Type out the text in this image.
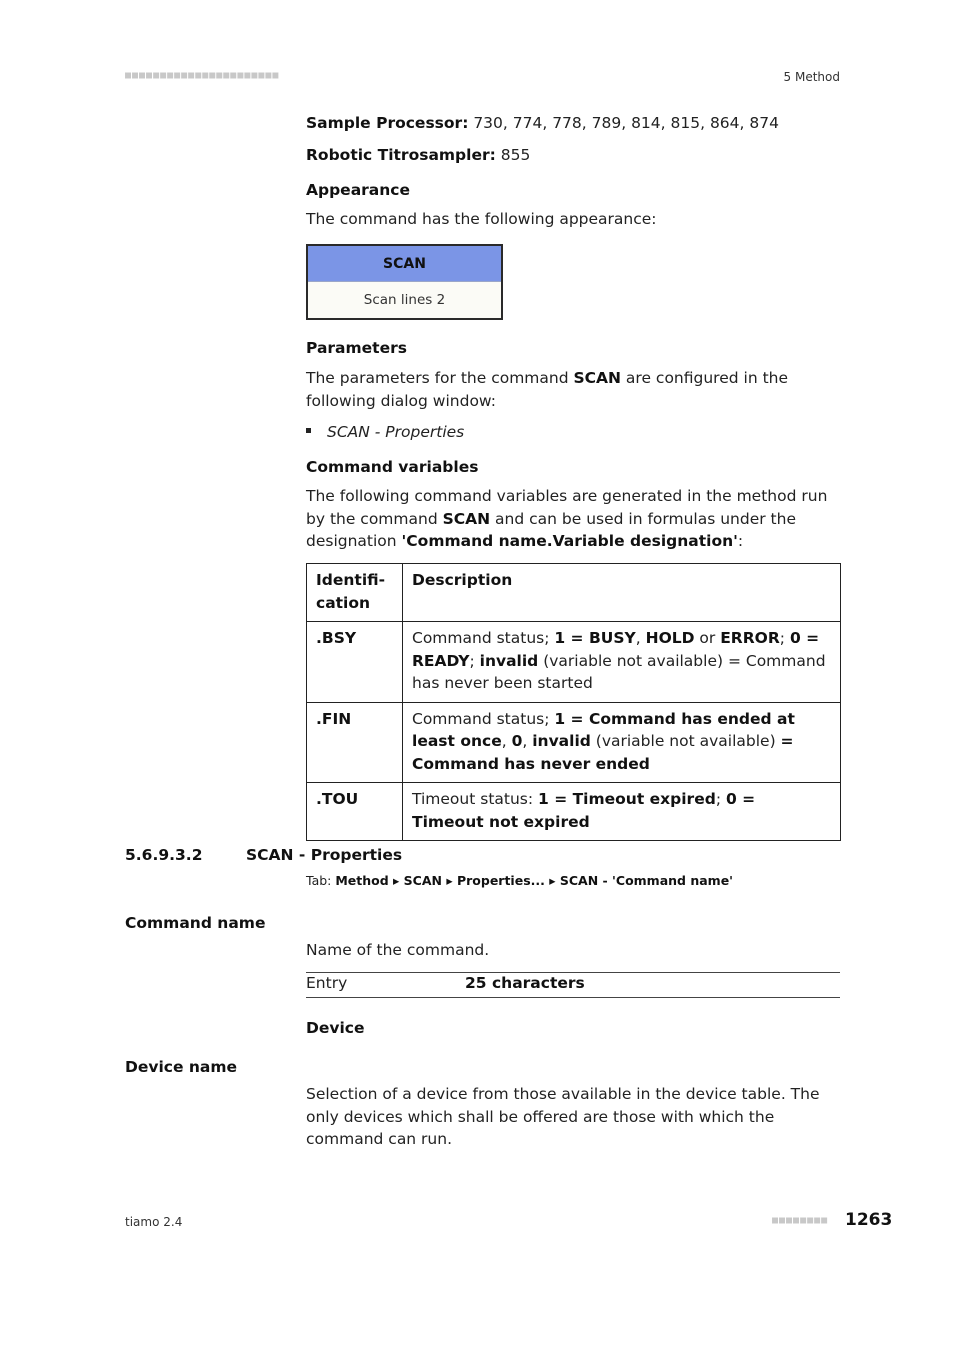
■■■■■■■■■■■■■■■■■■■■■■	5 Method
Sample Processor: 730, 774, 778, 789, 814, 815, 864, 874
Robotic Titrosampler: 855
Appearance
The command has the following appearance:
SCAN
Scan lines 2
Parameters
The parameters for the command SCAN are configured in the following dialog window:
SCAN - Properties
Command variables
The following command variables are generated in the method run by the command SCAN and can be used in formulas under the designation 'Command name.Variable designation':
Identifi-
cation	Description
.BSY	Command status; 1 = BUSY, HOLD or ERROR; 0 = READY; invalid (variable not available) = Command has never been started
.FIN	Command status; 1 = Command has ended at least once, 0, invalid (variable not available) = Command has never ended
.TOU	Timeout status: 1 = Timeout expired; 0 = Timeout not expired
5.6.9.3.2	SCAN - Properties
Tab: Method ▸ SCAN ▸ Properties... ▸ SCAN - 'Command name'
Command name
Name of the command.
Entry	25 characters
Device
Device name
Selection of a device from those available in the device table. The only devices which shall be offered are those with which the command can run.
tiamo 2.4	■■■■■■■■ 1263
